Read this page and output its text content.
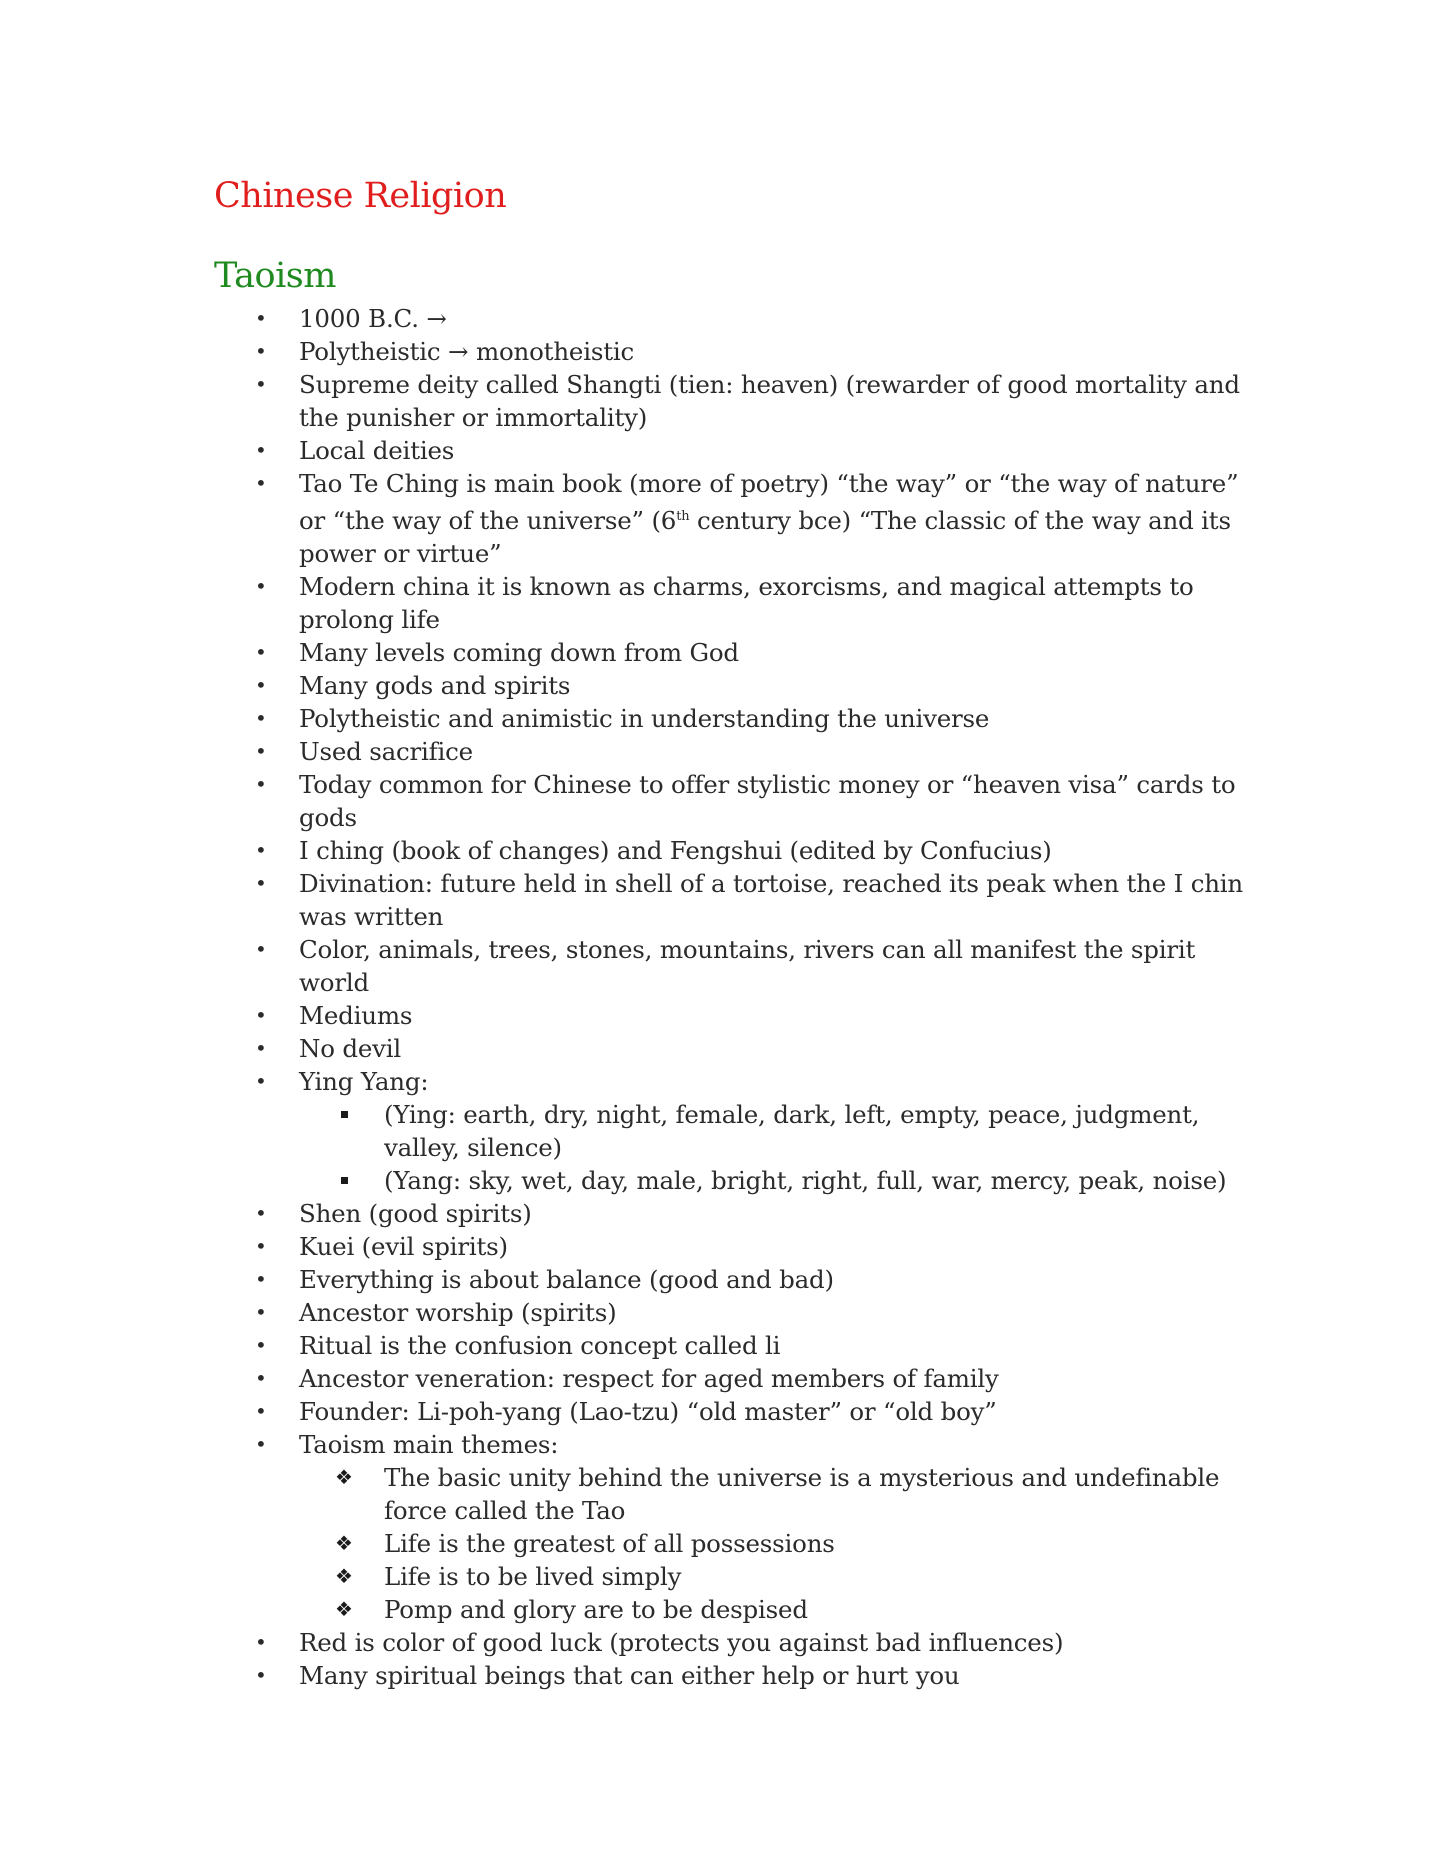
Chinese Religion
Taoism
• 1000 B.C. →
• Polytheistic → monotheistic
• Supreme deity called Shangti (tien: heaven) (rewarder of good mortality and the punisher or immortality)
• Local deities
• Tao Te Ching is main book (more of poetry) “the way” or “the way of nature” or “the way of the universe” (6th century bce) “The classic of the way and its power or virtue”
• Modern china it is known as charms, exorcisms, and magical attempts to prolong life
• Many levels coming down from God
• Many gods and spirits
• Polytheistic and animistic in understanding the universe
• Used sacrifice
• Today common for Chinese to offer stylistic money or “heaven visa” cards to gods
• I ching (book of changes) and Fengshui (edited by Confucius)
• Divination: future held in shell of a tortoise, reached its peak when the I chin was written
• Color, animals, trees, stones, mountains, rivers can all manifest the spirit world
• Mediums
• No devil
• Ying Yang:
(Ying: earth, dry, night, female, dark, left, empty, peace, judgment, valley, silence)
(Yang: sky, wet, day, male, bright, right, full, war, mercy, peak, noise)
• Shen (good spirits)
• Kuei (evil spirits)
• Everything is about balance (good and bad)
• Ancestor worship (spirits)
• Ritual is the confusion concept called li
• Ancestor veneration: respect for aged members of family
• Founder: Li-poh-yang (Lao-tzu) “old master” or “old boy”
• Taoism main themes:
❖ The basic unity behind the universe is a mysterious and undefinable force called the Tao
❖ Life is the greatest of all possessions
❖ Life is to be lived simply
❖ Pomp and glory are to be despised
• Red is color of good luck (protects you against bad influences)
• Many spiritual beings that can either help or hurt you
